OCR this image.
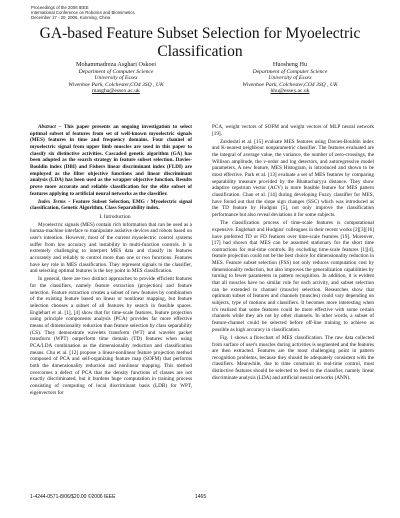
Proceedings of the 2006 IEEE
International Conference on Robotics and Biomimetics
December 17 - 20, 2006, Kunming, China
GA-based Feature Subset Selection for Myoelectric
Classification
Mohammadreza Asghari Oskoei
Department of Computer Science
University of Essex
Wivenhoe Park, Colchester,CO4 3SQ , UK
masgha@essex.ac.uk
Huosheng Hu
Department of Computer Science
University of Essex
Wivenhoe Park, Colchester,CO4 3SQ , UK
hhu@essex.ac.uk

Abstract – This paper presents an ongoing investigation to select optimal subset of features from set of well-known myoelectric signals (MES) features in time and frequency domains. Four channel of myoelectric signal from upper limb muscles are used in this paper to classify six distinctive activities. Cascaded genetic algorithm (GA) has been adopted as the search strategy in feature subset selection. Davies-Bouldin index (DBI) and Fishers linear discriminant index (FLDI) are employed as the filter objective functions and linear discriminant analysis (LDA) has been used as the wrapper objective function. Results prove more accurate and reliable classification for the elite subset of features applying to artificial neural networks as the classifier.

Index Terms – Feature Subset Selection, EMG / Myoelectric signal classification, Genetic Algorithm, Class Separability index.

I. Introduction

Myoelectric signals (MES) contain rich information that can be used as a human-machine interface to manipulate assistive devices and robots based on user's intention. However, most of the current myoelectric control systems suffer from low accuracy and instability in multi-function controls. It is extremely challenging to interpret MES data and classify its features accurately and reliably to control more than one or two functions. Features have key role in MES classification. They represent signals to the classifier, and selecting optimal features is the key point in MES classification.

In general, there are two distinct approaches to provide efficient features for the classifiers, namely feature extraction (projection) and feature selection. Feature extraction creates a subset of new features by combination of the existing feature based on linear or nonlinear mapping, but feature selection chooses a subset of all features by search in feasible spaces. Englehart et al. [1], [4] show that for time-scale features, feature projection using principle components analysis (PCA) provides far more effective means of dimensionality reduction than feature selection by class separability (CS). They demonstrate wavelets transform (WT) and wavelet packet transform (WPT) outperform time domain (TD) features when using PCA/LDA combination as the dimensionality reduction and classification means. Chu et al. [12] propose a linear-nonlinear feature projection method composed of PCA and self-organizing feature map (SOFM) that performs both the dimensionality reduction and nonlinear mapping. This method overcomes a defect of PCA that the density functions of classes are not exactly discriminated, but it burdens huge computation in training process consisting of computing of local discriminant basis (LDB) for WPT, eigenvectors for

PCA, weight vectors of SOFM and weight vectors of MLP neural network [19].

Zardoshti et al. [15] evaluate MES features using Davies-Bouldin index and K-nearest neighbour nonparametric classifier. The features evaluated are the integral of average value, the variance, the number of zero-crossings, the Willison amplitude, the v-order and log detectors, and autoregressive model parameters. A new feature, MES Histogram, is introduced and shown to be most effective. Park et al. [13] evaluate a set of MES features by comparing separability measure provided by the Bhattacharyya distance. They show adaptive cepstrum vector (ACV) is more feasible feature for MES pattern classification. Chan et al. [14] during developing Fuzzy classifier for MES, have found out that the slope sign changes (SSC) which was introduced as the TD feature by Hudgins [5], not only improve the classification performance but also reveal deviations it for some subjects.

The classification process of time-scale features is computational expensive. Englehart and Hudgins' colleagues in their recent works [2][3][16] have preferred TD or FD features over time-scale features [19]. Moreover, [17] had shown that MES can be assumed stationary for the short time contractions for real-time controls. By excluding time-scale features [1][4], feature projection could not be the best choice for dimensionality reduction in MES. Feature subset selection (FSS) not only reduces computation cost by dimensionality reduction, but also improves the generalization capabilities by turning to fewer parameters in pattern recognition. In addition, it is evident that all muscles have no similar role for each activity, and subset selection can be extended to channel (muscle) selection. Researches show that optimum subset of features and channels (muscles) could vary depending on subjects, type of motions and classifiers. It becomes more interesting when it's realized that some features could be more effective with some certain channels while they are not by other channels. In other words, a subset of feature-channel could be selected before off-line training to achieve as possible as high accuracy in classification.

Fig. 1 shows a flowchart of MES classification. The raw data collected from surface of user's muscles during activities is segmented and the features are then extracted. Features are the most challenging point in pattern recognition problems, because they should be adequately consistent with the classifiers. Meanwhile, due to time constraint in real-time control, most distinctive features should be selected to feed to the classifier, namely linear discriminate analysis (LDA) and artificial neural networks (ANN).

1-4244-0571-8/06/$20.00 ©2006 IEEE	1465
